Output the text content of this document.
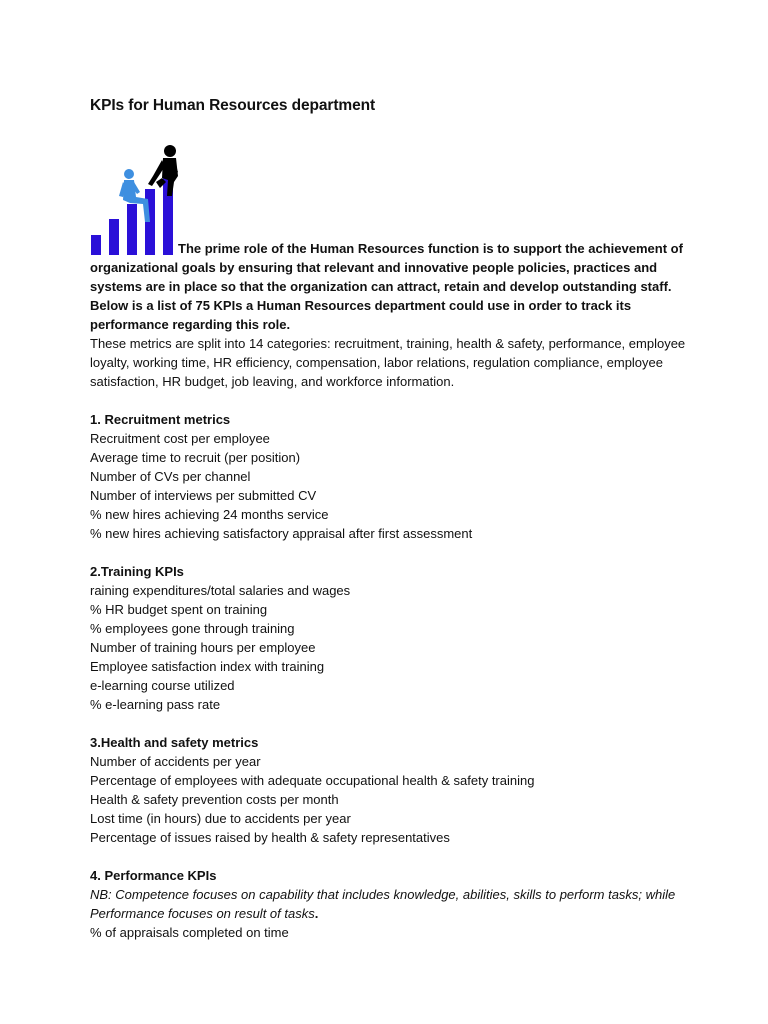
KPIs for Human Resources department

The prime role of the Human Resources function is to support the achievement of organizational goals by ensuring that relevant and innovative people policies, practices and systems are in place so that the organization can attract, retain and develop outstanding staff. Below is a list of 75 KPIs a Human Resources department could use in order to track its performance regarding this role.

These metrics are split into 14 categories: recruitment, training, health & safety, performance, employee loyalty, working time, HR efficiency, compensation, labor relations, regulation compliance, employee satisfaction, HR budget, job leaving, and workforce information.

1. Recruitment metrics
Recruitment cost per employee
Average time to recruit (per position)
Number of CVs per channel
Number of interviews per submitted CV
% new hires achieving 24 months service
% new hires achieving satisfactory appraisal after first assessment
2.Training KPIs
raining expenditures/total salaries and wages
% HR budget spent on training
% employees gone through training
Number of training hours per employee
Employee satisfaction index with training
e-learning course utilized
% e-learning pass rate
3.Health and safety metrics
Number of accidents per year
Percentage of employees with adequate occupational health & safety training
Health & safety prevention costs per month
Lost time (in hours) due to accidents per year
Percentage of issues raised by health & safety representatives
4. Performance KPIs

NB: Competence focuses on capability that includes knowledge, abilities, skills to perform tasks; while Performance focuses on result of tasks.

% of appraisals completed on time
